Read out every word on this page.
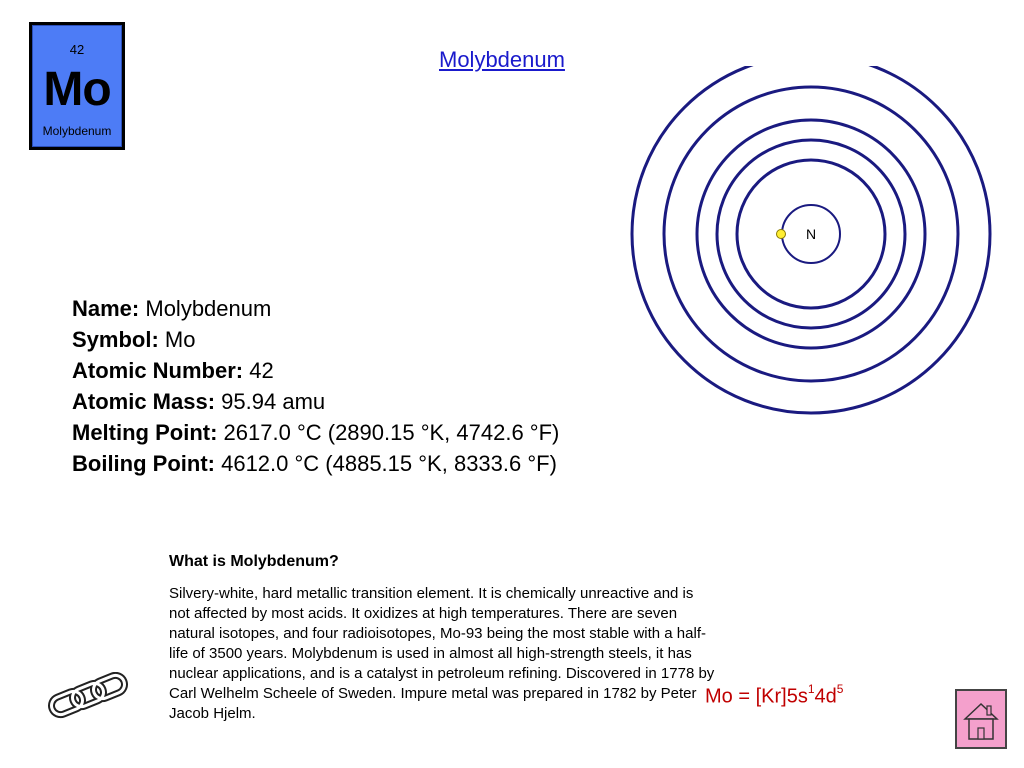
42
Mo
Molybdenum
Molybdenum
N
Name: Molybdenum
Symbol: Mo
Atomic Number: 42
Atomic Mass: 95.94 amu
Melting Point: 2617.0 °C (2890.15 °K, 4742.6 °F)
Boiling Point: 4612.0 °C (4885.15 °K, 8333.6 °F)
What is Molybdenum?
Silvery-white, hard metallic transition element. It is chemically unreactive and is not affected by most acids. It oxidizes at high temperatures. There are seven natural isotopes, and four radioisotopes, Mo-93 being the most stable with a half-life of 3500 years. Molybdenum is used in almost all high-strength steels, it has nuclear applications, and is a catalyst in petroleum refining. Discovered in 1778 by Carl Welhelm Scheele of Sweden. Impure metal was prepared in 1782 by Peter Jacob Hjelm.
$Mo = [Kr]5s^14d^5$
